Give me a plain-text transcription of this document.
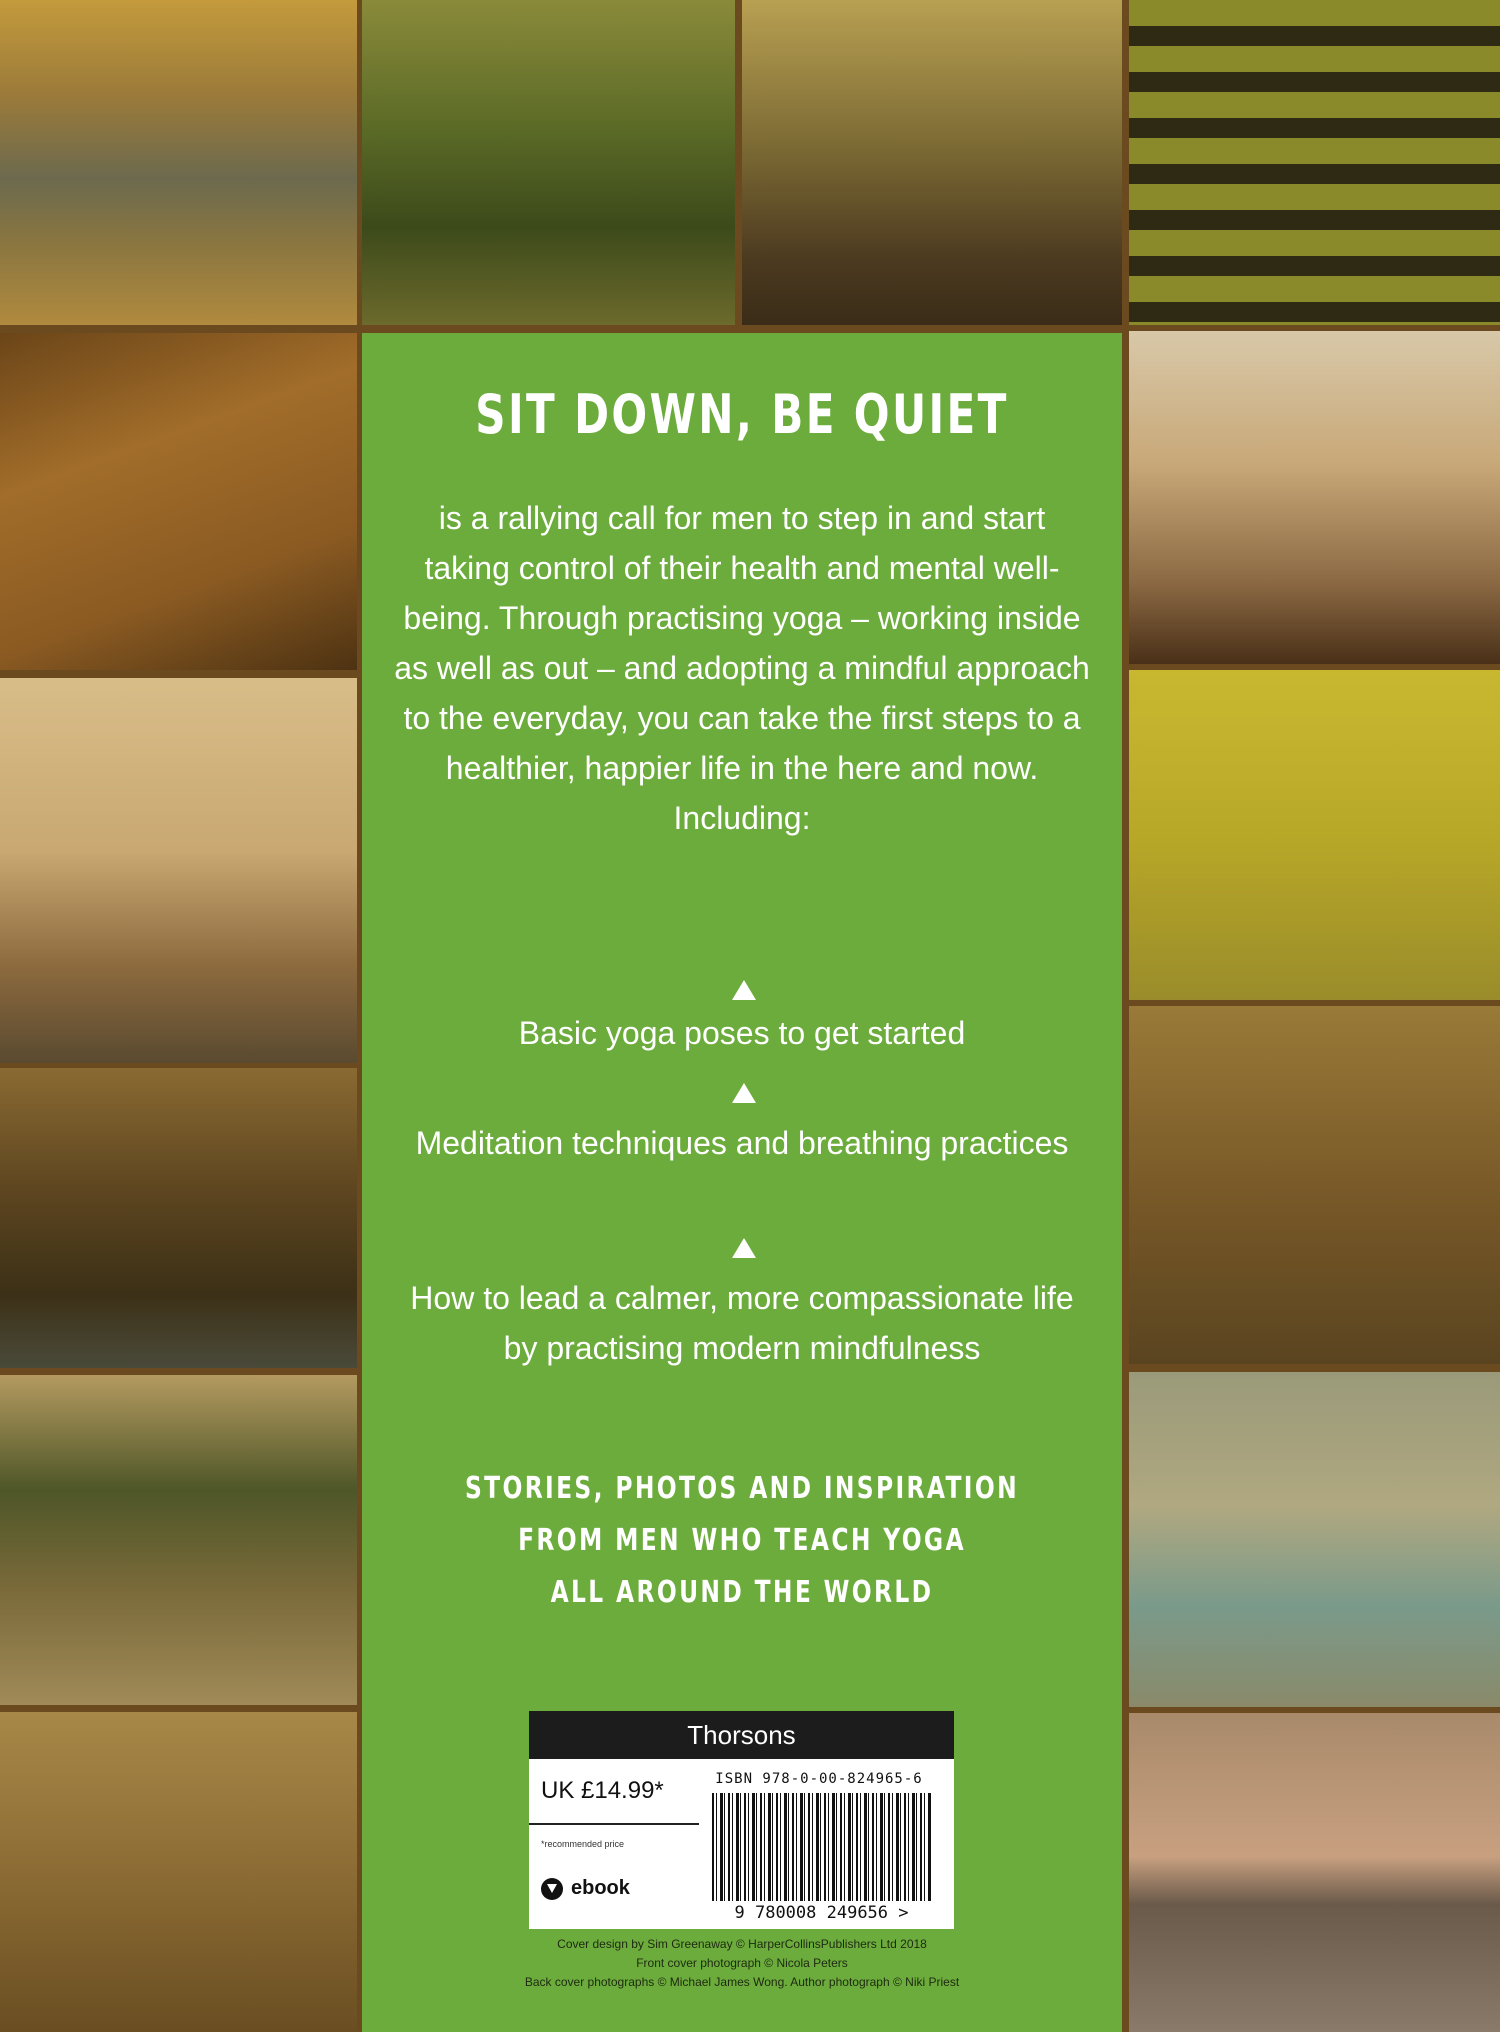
SIT DOWN, BE QUIET
is a rallying call for men to step in and start taking control of their health and mental well-being. Through practising yoga – working inside as well as out – and adopting a mindful approach to the everyday, you can take the first steps to a healthier, happier life in the here and now. Including:
Basic yoga poses to get started
Meditation techniques and breathing practices
How to lead a calmer, more compassionate life by practising modern mindfulness
STORIES, PHOTOS AND INSPIRATION
FROM MEN WHO TEACH YOGA
ALL AROUND THE WORLD
Thorsons
UK £14.99*
*recommended price
ebook
ISBN 978-0-00-824965-6
9 780008 249656 >
Cover design by Sim Greenaway © HarperCollinsPublishers Ltd 2018
Front cover photograph © Nicola Peters
Back cover photographs © Michael James Wong. Author photograph © Niki Priest
